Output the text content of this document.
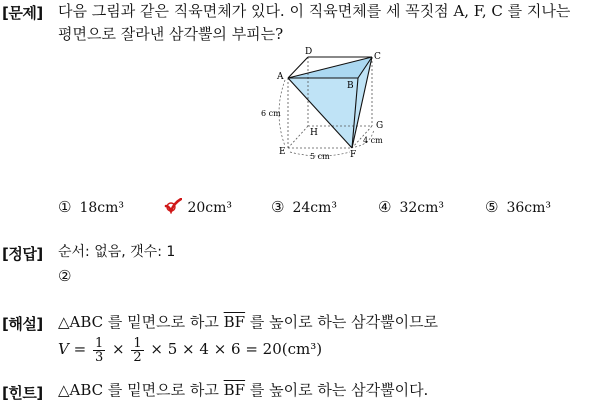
[문제] 다음 그림과 같은 직육면체가 있다. 이 직육면체를 세 꼭짓점 A, F, C 를 지나는
평면으로 잘라낸 삼각뿔의 부피는?
D	C
A
B
H
G
E	F
6 cm
5 cm
4 cm
① 18cm³	20cm³	③ 24cm³	④ 32cm³	⑤ 36cm³
[정답] 순서: 없음, 갯수: 1
②
[해설] △ABC 를 밑면으로 하고 $\overline{BF}$ 를 높이로 하는 삼각뿔이므로
$V = \frac{1}{3} \times \frac{1}{2} \times 5 \times 4 \times 6 = 20(cm^3)$
[힌트] △ABC 를 밑면으로 하고 $\overline{BF}$ 를 높이로 하는 삼각뿔이다.
